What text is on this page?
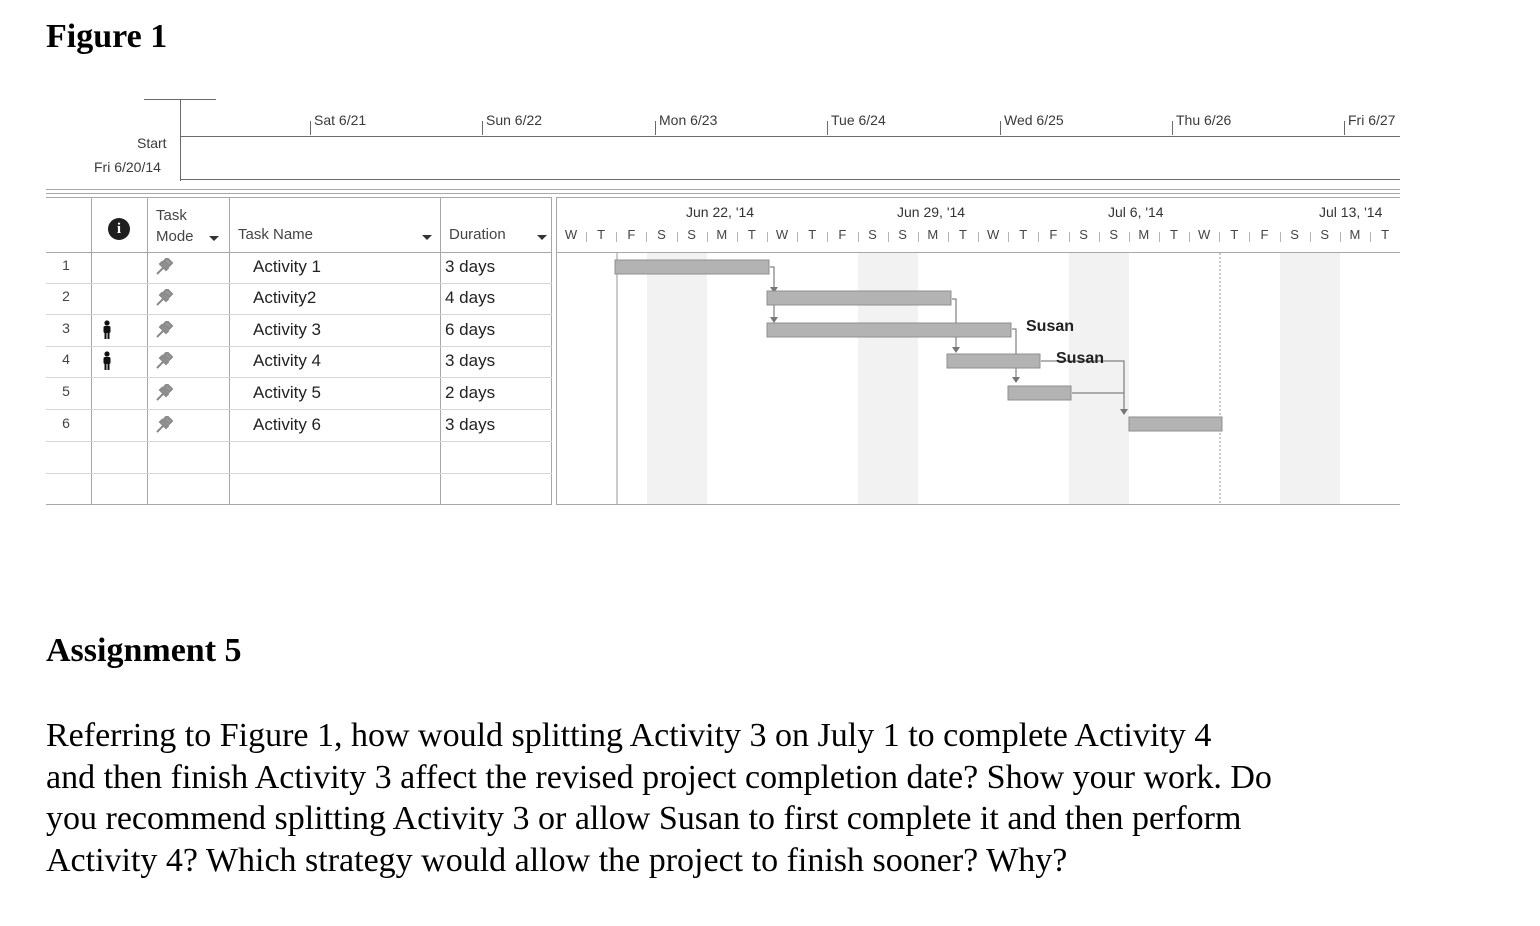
Figure 1
Start
Fri 6/20/14
Sat 6/21	Sun 6/22	Mon 6/23	Tue 6/24	Wed 6/25	Thu 6/26	Fri 6/27
i
Task
Mode	Task Name	Duration
1	Activity 1	3 days
2	Activity2	4 days
3	Activity 3	6 days
4	Activity 4	3 days
5	Activity 5	2 days
6	Activity 6	3 days
Jun 22, '14	Jun 29, '14	Jul 6, '14	Jul 13, '14
W	T	F	S	S	M	T	W	T	F	S	S	M	T	W	T	F	S	S	M	T	W	T	F	S	S	M	T
Susan
Susan
Assignment 5
Referring to Figure 1, how would splitting Activity 3 on July 1 to complete Activity 4
and then finish Activity 3 affect the revised project completion date? Show your work. Do
you recommend splitting Activity 3 or allow Susan to first complete it and then perform
Activity 4? Which strategy would allow the project to finish sooner? Why?
